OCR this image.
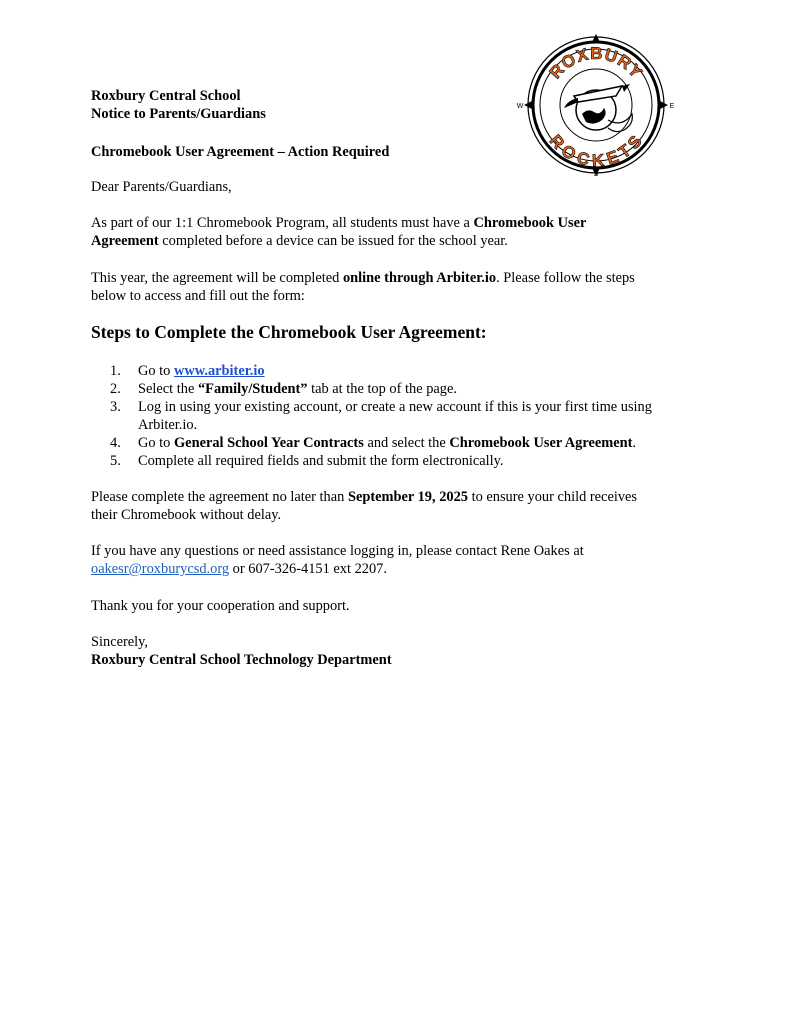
N
E
S
W
ROXBURY
ROCKETS
Roxbury Central School
Notice to Parents/Guardians
Chromebook User Agreement – Action Required
Dear Parents/Guardians,
As part of our 1:1 Chromebook Program, all students must have a Chromebook User
Agreement completed before a device can be issued for the school year.
This year, the agreement will be completed online through Arbiter.io. Please follow the steps
below to access and fill out the form:
Steps to Complete the Chromebook User Agreement:
1. Go to www.arbiter.io
2. Select the “Family/Student” tab at the top of the page.
3. Log in using your existing account, or create a new account if this is your first time using
Arbiter.io.
4. Go to General School Year Contracts and select the Chromebook User Agreement.
5. Complete all required fields and submit the form electronically.
Please complete the agreement no later than September 19, 2025 to ensure your child receives
their Chromebook without delay.
If you have any questions or need assistance logging in, please contact Rene Oakes at
oakesr@roxburycsd.org or 607-326-4151 ext 2207.
Thank you for your cooperation and support.
Sincerely,
Roxbury Central School Technology Department
